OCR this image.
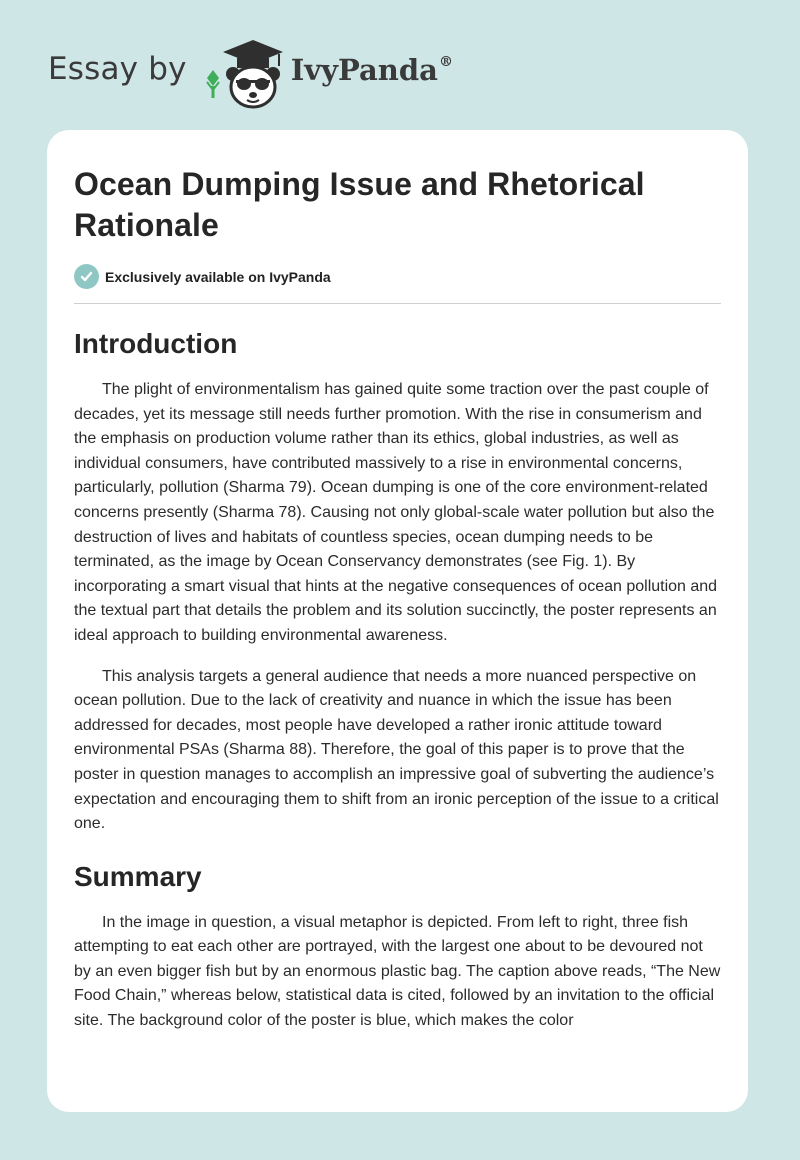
Essay by	IvyPanda®
Ocean Dumping Issue and Rhetorical Rationale
Exclusively available on IvyPanda
Introduction

The plight of environmentalism has gained quite some traction over the past couple of decades, yet its message still needs further promotion. With the rise in consumerism and the emphasis on production volume rather than its ethics, global industries, as well as individual consumers, have contributed massively to a rise in environmental concerns, particularly, pollution (Sharma 79). Ocean dumping is one of the core environment-related concerns presently (Sharma 78). Causing not only global-scale water pollution but also the destruction of lives and habitats of countless species, ocean dumping needs to be terminated, as the image by Ocean Conservancy demonstrates (see Fig. 1). By incorporating a smart visual that hints at the negative consequences of ocean pollution and the textual part that details the problem and its solution succinctly, the poster represents an ideal approach to building environmental awareness.

This analysis targets a general audience that needs a more nuanced perspective on ocean pollution. Due to the lack of creativity and nuance in which the issue has been addressed for decades, most people have developed a rather ironic attitude toward environmental PSAs (Sharma 88). Therefore, the goal of this paper is to prove that the poster in question manages to accomplish an impressive goal of subverting the audience’s expectation and encouraging them to shift from an ironic perception of the issue to a critical one.

Summary

In the image in question, a visual metaphor is depicted. From left to right, three fish attempting to eat each other are portrayed, with the largest one about to be devoured not by an even bigger fish but by an enormous plastic bag. The caption above reads, “The New Food Chain,” whereas below, statistical data is cited, followed by an invitation to the official site. The background color of the poster is blue, which makes the color
